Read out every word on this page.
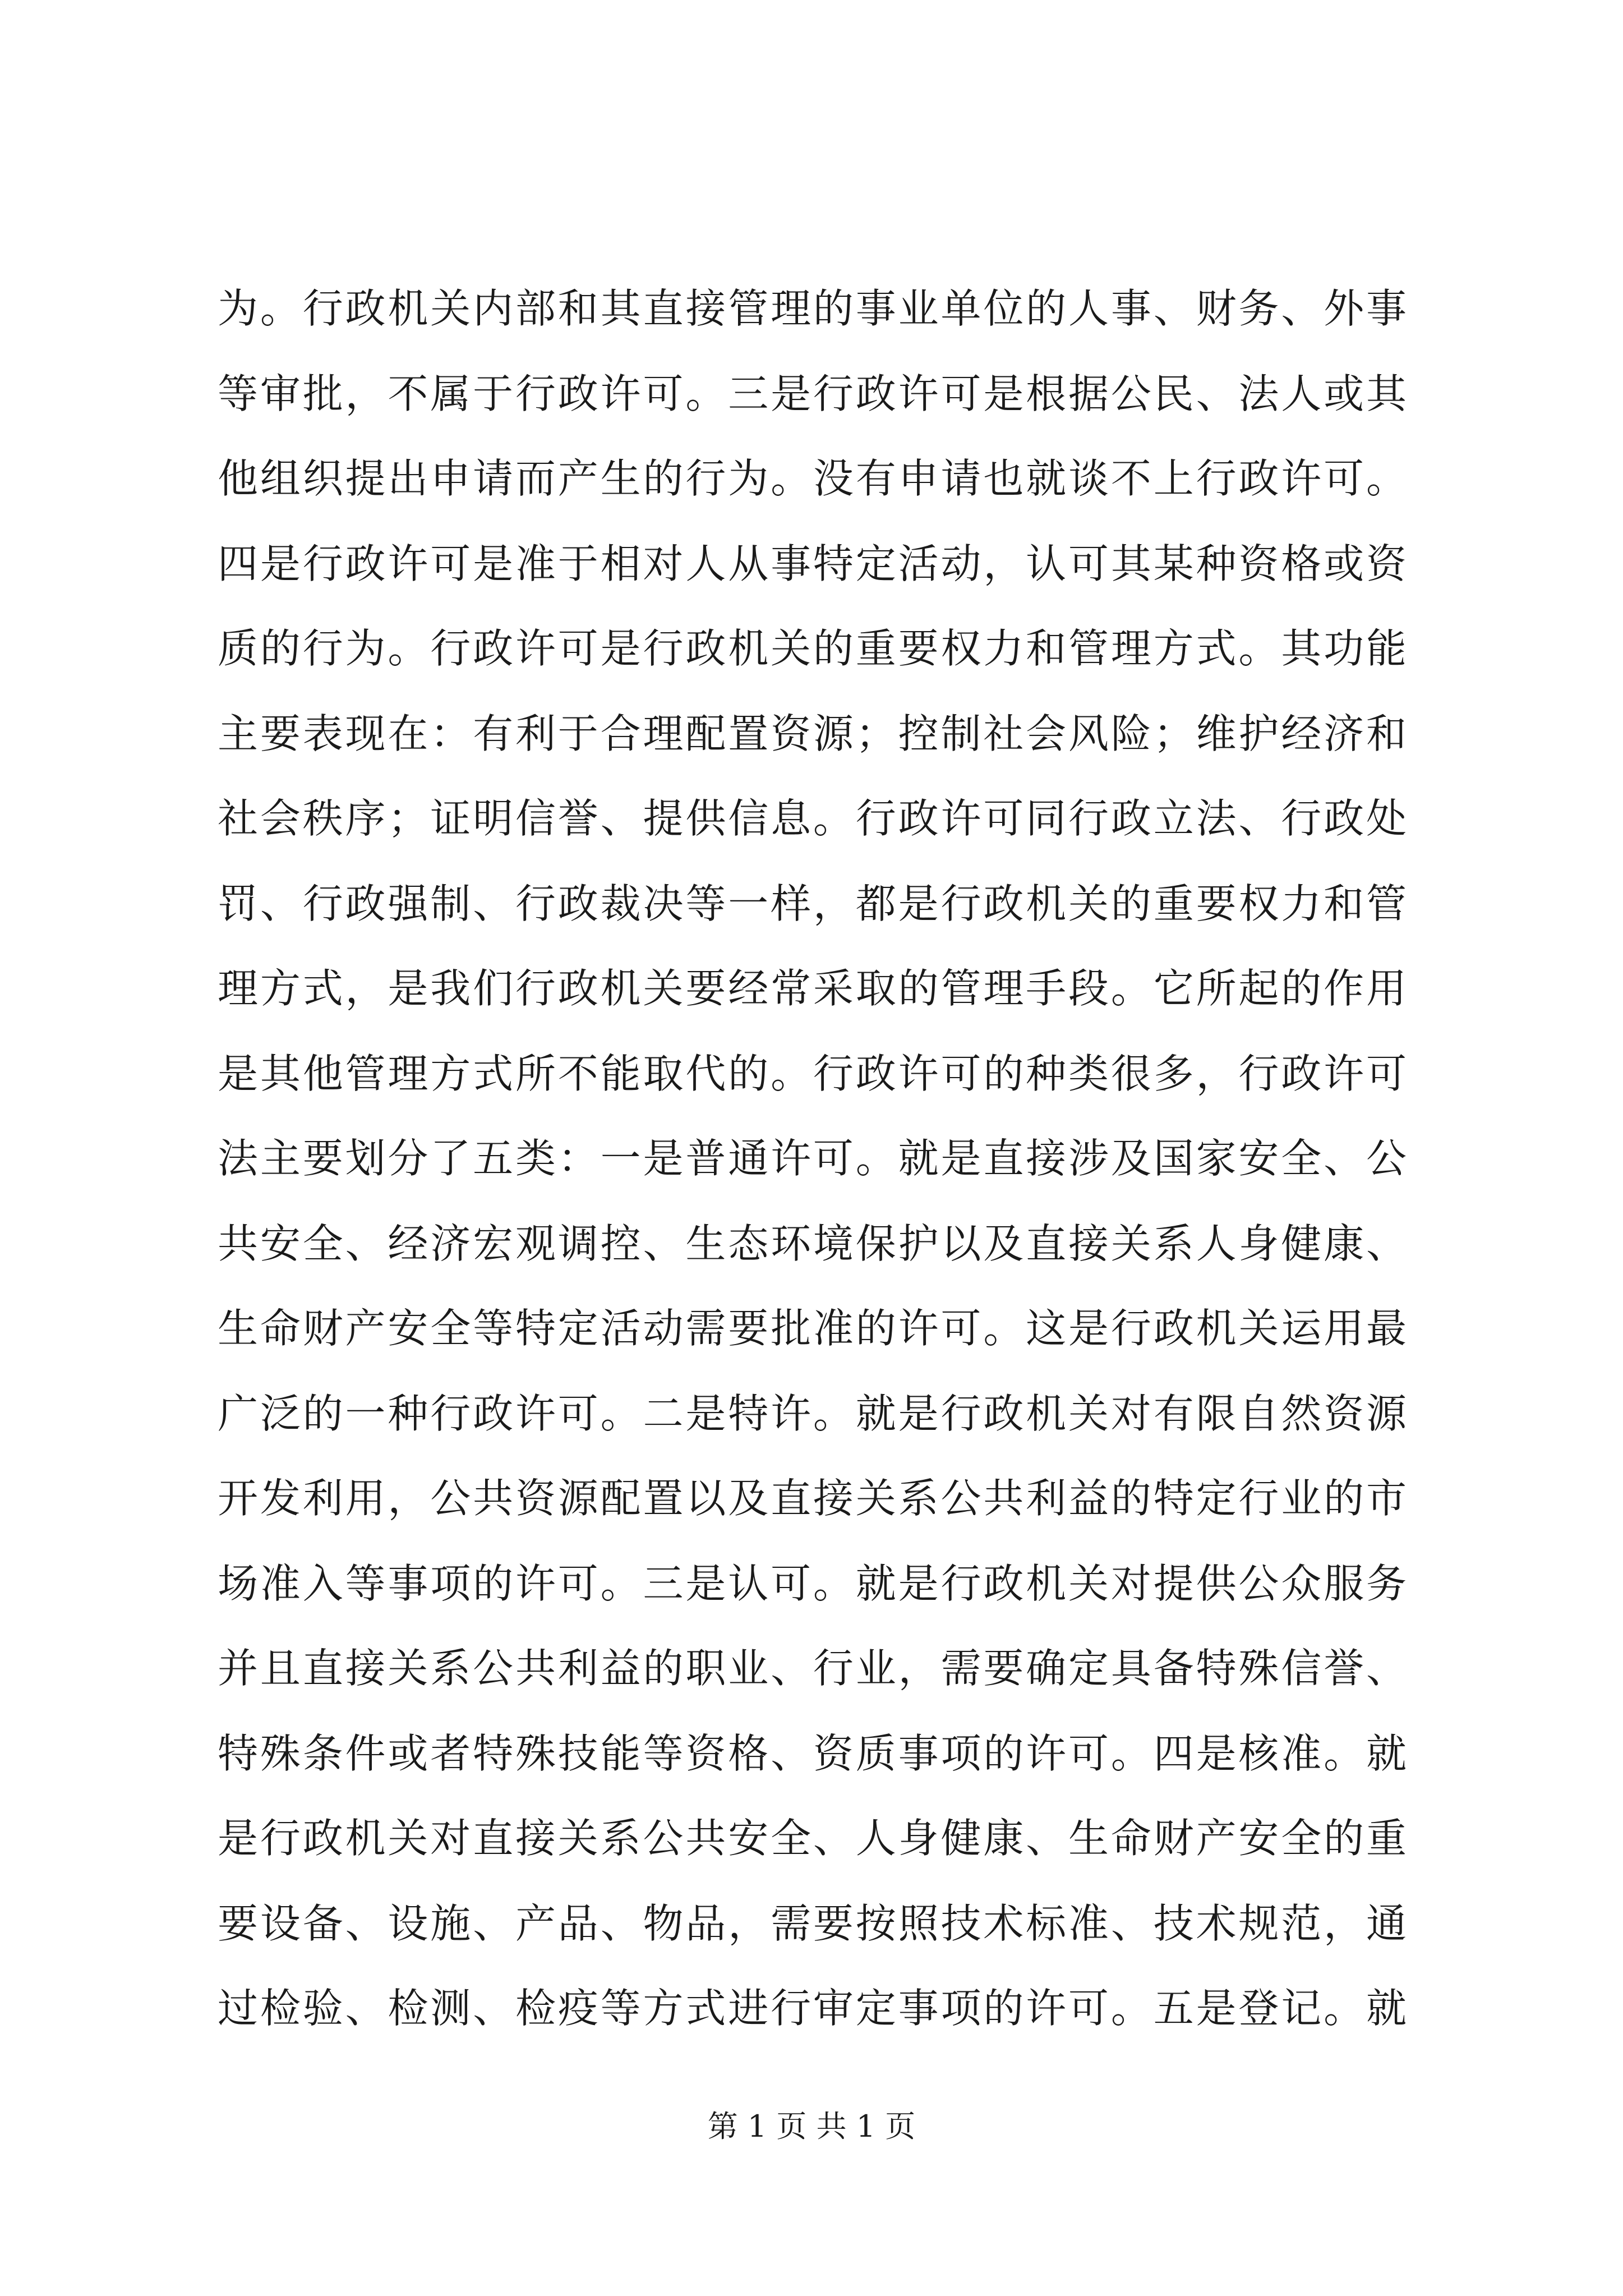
为。行政机关内部和其直接管理的事业单位的人事、财务、外事
等审批，不属于行政许可。三是行政许可是根据公民、法人或其
他组织提出申请而产生的行为。没有申请也就谈不上行政许可。
四是行政许可是准于相对人从事特定活动，认可其某种资格或资
质的行为。行政许可是行政机关的重要权力和管理方式。其功能
主要表现在：有利于合理配置资源；控制社会风险；维护经济和
社会秩序；证明信誉、提供信息。行政许可同行政立法、行政处
罚、行政强制、行政裁决等一样，都是行政机关的重要权力和管
理方式，是我们行政机关要经常采取的管理手段。它所起的作用
是其他管理方式所不能取代的。行政许可的种类很多，行政许可
法主要划分了五类：一是普通许可。就是直接涉及国家安全、公
共安全、经济宏观调控、生态环境保护以及直接关系人身健康、
生命财产安全等特定活动需要批准的许可。这是行政机关运用最
广泛的一种行政许可。二是特许。就是行政机关对有限自然资源
开发利用，公共资源配置以及直接关系公共利益的特定行业的市
场准入等事项的许可。三是认可。就是行政机关对提供公众服务
并且直接关系公共利益的职业、行业，需要确定具备特殊信誉、
特殊条件或者特殊技能等资格、资质事项的许可。四是核准。就
是行政机关对直接关系公共安全、人身健康、生命财产安全的重
要设备、设施、产品、物品，需要按照技术标准、技术规范，通
过检验、检测、检疫等方式进行审定事项的许可。五是登记。就
第 1 页 共 1 页
